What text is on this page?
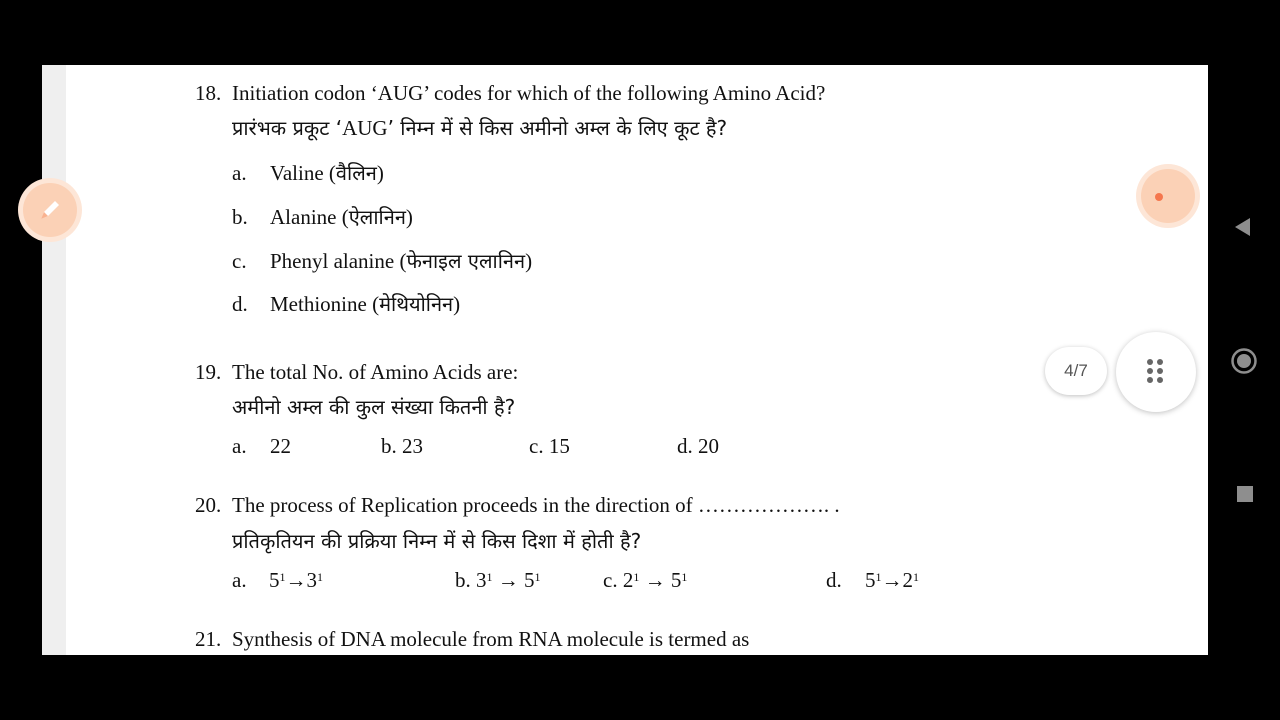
18. Initiation codon ‘AUG’ codes for which of the following Amino Acid?
प्रारंभक प्रकूट ‘AUG’ निम्न में से किस अमीनो अम्ल के लिए कूट है?
a. Valine (वैलिन)
b. Alanine (ऐलानिन)
c. Phenyl alanine (फेनाइल एलानिन)
d. Methionine (मेथियोनिन)
19. The total No. of Amino Acids are:
अमीनो अम्ल की कुल संख्या कितनी है?
a. 22	b. 23	c. 15	d. 20
20. The process of Replication proceeds in the direction of ………………. .
प्रतिकृतियन की प्रक्रिया निम्न में से किस दिशा में होती है?
a. $5^1\to 3^1$	b. $3^1 \to 5^1$	c. $2^1 \to 5^1$	d. $5^1\to 2^1$
21. Synthesis of DNA molecule from RNA molecule is termed as
4/7
